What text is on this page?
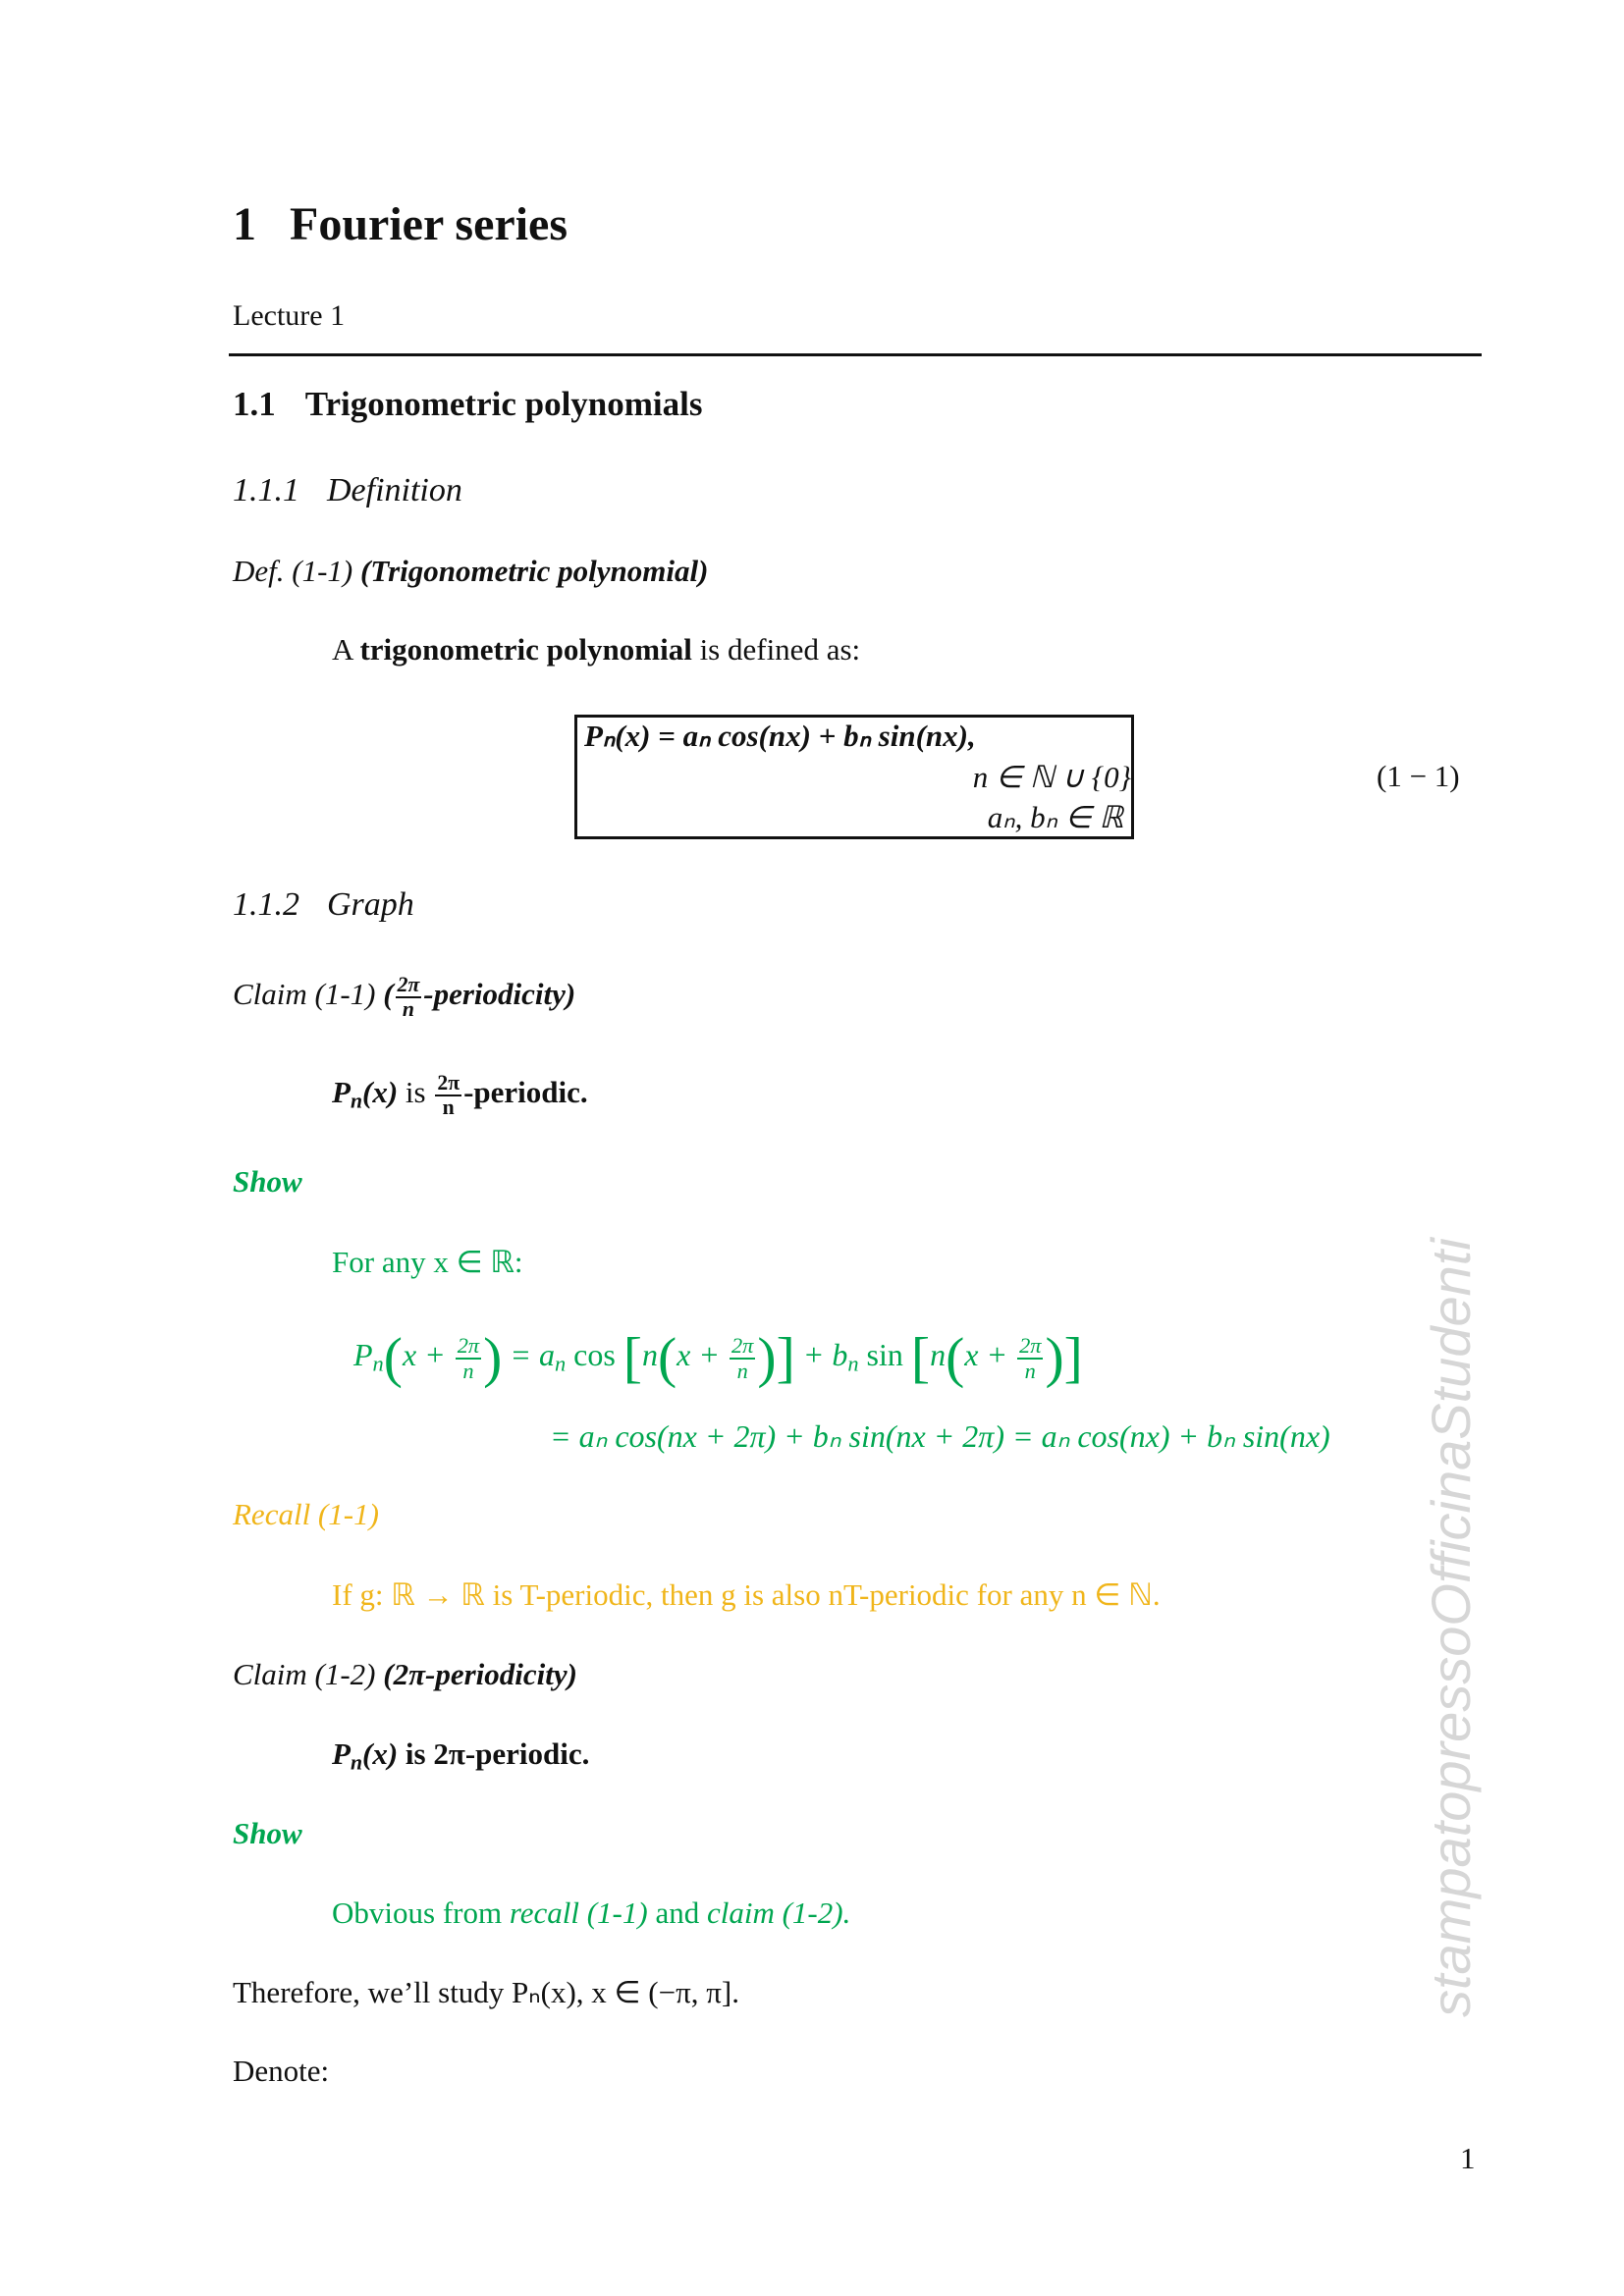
1 Fourier series
Lecture 1
1.1 Trigonometric polynomials
1.1.1 Definition
Def. (1-1) (Trigonometric polynomial)
A trigonometric polynomial is defined as:
Pₙ(x) = aₙ cos(nx) + bₙ sin(nx),
n ∈ ℕ ∪ {0}
aₙ, bₙ ∈ ℝ
(1 − 1)
1.1.2 Graph
Claim (1-1) ( $\frac{2\pi}{n}$ -periodicity)
$P_n(x)$ is $\frac{2\pi}{n}$ -periodic.
Show
For any x ∈ ℝ:
$P_n(x + \frac{2\pi}{n}$ ) = $a_n$ $\cos [n(x + \frac{2\pi}{n}$ )] + $b_n$ $\sin [n(x + \frac{2\pi}{n}$ )]
= aₙ cos(nx + 2π) + bₙ sin(nx + 2π) = aₙ cos(nx) + bₙ sin(nx)
Recall (1-1)
If g: ℝ → ℝ is T-periodic, then g is also nT-periodic for any n ∈ ℕ.
Claim (1-2) (2π-periodicity)
$P_n(x)$ is 2π-periodic.
Show
Obvious from recall (1-1) and claim (1-2).
Therefore, we’ll study Pₙ(x), x ∈ (−π, π].
Denote:
1
stampatopressoOfficinaStudenti
